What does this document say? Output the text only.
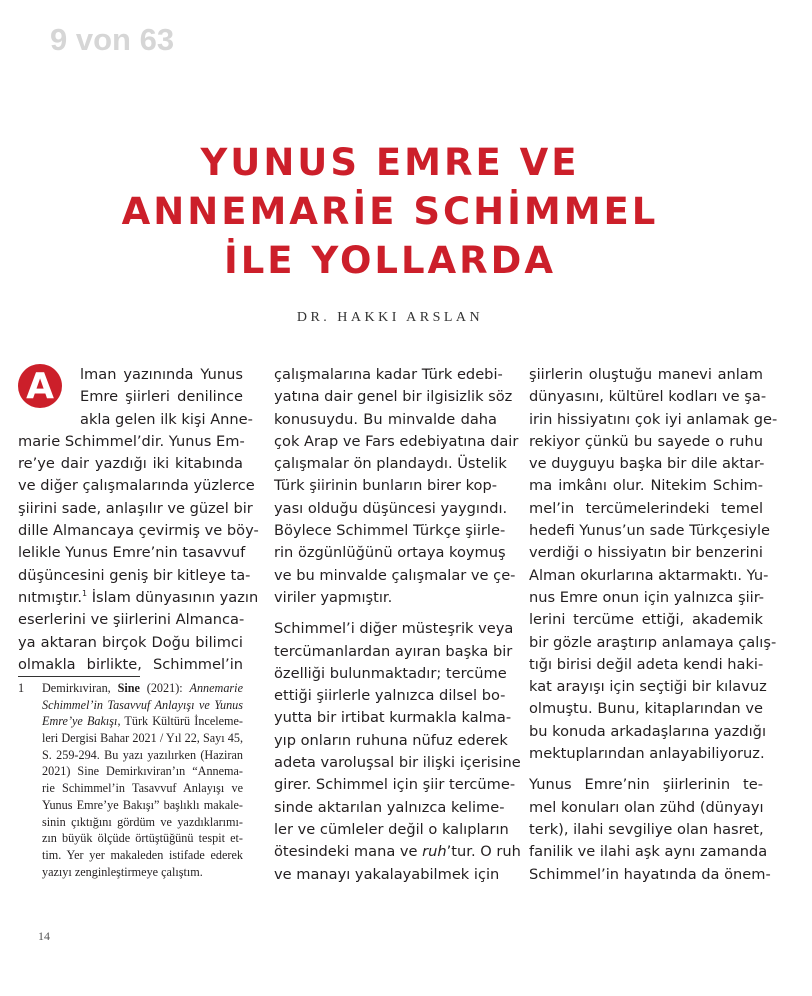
9 von 63
YUNUS EMRE VE
ANNEMARİE SCHİMMEL
İLE YOLLARDA
DR. HAKKI ARSLAN
A	lman yazınında Yunus
Emre şiirleri denilince
akla gelen ilk kişi Anne-
marie Schimmel’dir. Yunus Em-
re’ye dair yazdığı iki kitabında
ve diğer çalışmalarında yüzlerce
şiirini sade, anlaşılır ve güzel bir
dille Almancaya çevirmiş ve böy-
lelikle Yunus Emre’nin tasavvuf
düşüncesini geniş bir kitleye ta-
nıtmıştır.$^1$ İslam dünyasının yazın
eserlerini ve şiirlerini Almanca-
ya aktaran birçok Doğu bilimci
olmakla birlikte, Schimmel’in
çalışmalarına kadar Türk edebi-
yatına dair genel bir ilgisizlik söz
konusuydu. Bu minvalde daha
çok Arap ve Fars edebiyatına dair
çalışmalar ön plandaydı. Üstelik
Türk şiirinin bunların birer kop-
yası olduğu düşüncesi yaygındı.
Böylece Schimmel Türkçe şiirle-
rin özgünlüğünü ortaya koymuş
ve bu minvalde çalışmalar ve çe-
viriler yapmıştır.
Schimmel’i diğer müsteşrik veya
tercümanlardan ayıran başka bir
özelliği bulunmaktadır; tercüme
ettiği şiirlerle yalnızca dilsel bo-
yutta bir irtibat kurmakla kalma-
yıp onların ruhuna nüfuz ederek
adeta varoluşsal bir ilişki içerisine
girer. Schimmel için şiir tercüme-
sinde aktarılan yalnızca kelime-
ler ve cümleler değil o kalıpların
ötesindeki mana ve ruh’tur. O ruh
ve manayı yakalayabilmek için
şiirlerin oluştuğu manevi anlam
dünyasını, kültürel kodları ve şa-
irin hissiyatını çok iyi anlamak ge-
rekiyor çünkü bu sayede o ruhu
ve duyguyu başka bir dile aktar-
ma imkânı olur. Nitekim Schim-
mel’in tercümelerindeki temel
hedefi Yunus’un sade Türkçesiyle
verdiği o hissiyatın bir benzerini
Alman okurlarına aktarmaktı. Yu-
nus Emre onun için yalnızca şiir-
lerini tercüme ettiği, akademik
bir gözle araştırıp anlamaya çalış-
tığı birisi değil adeta kendi haki-
kat arayışı için seçtiği bir kılavuz
olmuştu. Bunu, kitaplarından ve
bu konuda arkadaşlarına yazdığı
mektuplarından anlayabiliyoruz.
Yunus Emre’nin şiirlerinin te-
mel konuları olan zühd (dünyayı
terk), ilahi sevgiliye olan hasret,
fanilik ve ilahi aşk aynı zamanda
Schimmel’in hayatında da önem-
1 Demirkıviran, Sine (2021): Annemarie
Schimmel’in Tasavvuf Anlayışı ve Yunus
Emre’ye Bakışı, Türk Kültürü İnceleme-
leri Dergisi Bahar 2021 / Yıl 22, Sayı 45,
S. 259-294. Bu yazı yazılırken (Haziran
2021) Sine Demirkıviran’ın “Annema-
rie Schimmel’in Tasavvuf Anlayışı ve
Yunus Emre’ye Bakışı” başlıklı makale-
sinin çıktığını gördüm ve yazdıklarımı-
zın büyük ölçüde örtüştüğünü tespit et-
tim. Yer yer makaleden istifade ederek
yazıyı zenginleştirmeye çalıştım.
14
